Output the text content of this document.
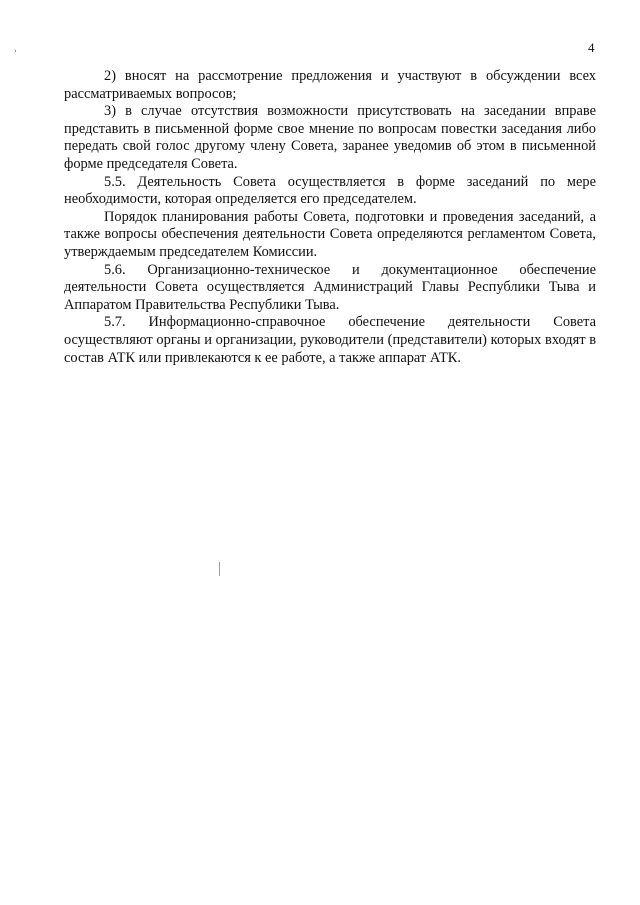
›	4

2) вносят на рассмотрение предложения и участвуют в обсуждении всех рассматриваемых вопросов;

3) в случае отсутствия возможности присутствовать на заседании вправе представить в письменной форме свое мнение по вопросам повестки заседания либо передать свой голос другому члену Совета, заранее уведомив об этом в письменной форме председателя Совета.

5.5. Деятельность Совета осуществляется в форме заседаний по мере необходимости, которая определяется его председателем.

Порядок планирования работы Совета, подготовки и проведения заседаний, а также вопросы обеспечения деятельности Совета определяются регламентом Совета, утверждаемым председателем Комиссии.

5.6. Организационно-техническое и документационное обеспечение деятельности Совета осуществляется Администраций Главы Республики Тыва и Аппаратом Правительства Республики Тыва.

5.7. Информационно-справочное обеспечение деятельности Совета осуществляют органы и организации, руководители (представители) которых входят в состав АТК или привлекаются к ее работе, а также аппарат АТК.
